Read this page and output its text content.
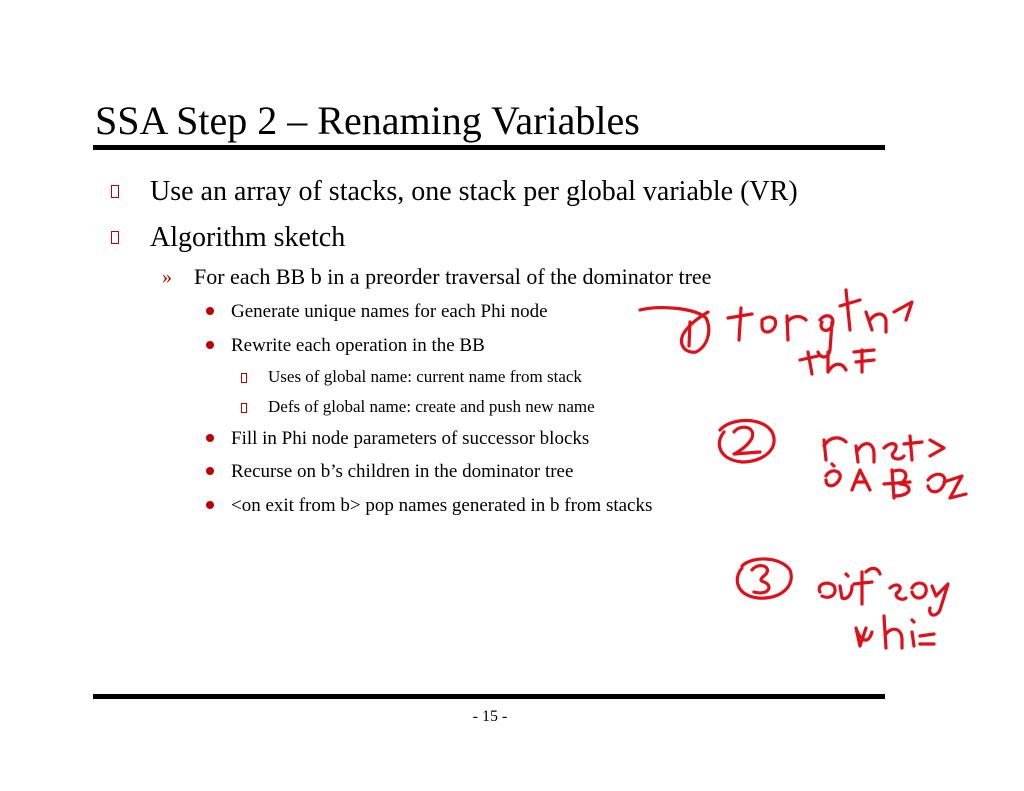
SSA Step 2 – Renaming Variables
Use an array of stacks, one stack per global variable (VR)
Algorithm sketch
» For each BB b in a preorder traversal of the dominator tree
Generate unique names for each Phi node
Rewrite each operation in the BB
Uses of global name: current name from stack
Defs of global name: create and push new name
Fill in Phi node parameters of successor blocks
Recurse on b’s children in the dominator tree
<on exit from b> pop names generated in b from stacks
- 15 -
